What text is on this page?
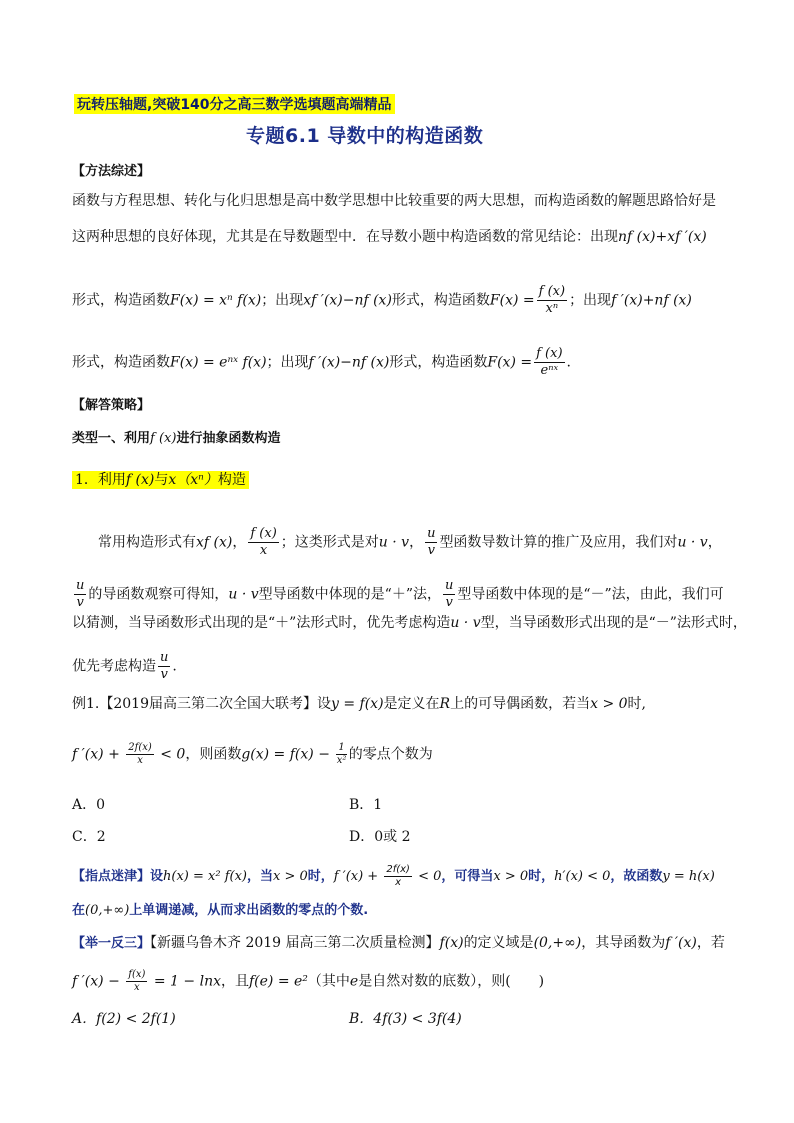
玩转压轴题,突破140分之高三数学选填题高端精品
专题6.1 导数中的构造函数
【方法综述】
函数与方程思想、转化与化归思想是高中数学思想中比较重要的两大思想，而构造函数的解题思路恰好是
这两种思想的良好体现，尤其是在导数题型中．在导数小题中构造函数的常见结论：出现nf (x)+xf ′(x)
形式，构造函数F(x) = xⁿ f(x)；出现xf ′(x)−nf (x)形式，构造函数$F(x) = \frac{f (x)}{\text{xⁿ}}$ ；出现f ′(x)+nf (x)
形式，构造函数F(x) = eⁿˣ f(x)；出现f ′(x)−nf (x)形式，构造函数$F(x) = \frac{f (x)}{\text{eⁿˣ}}$ .
【解答策略】
类型一、利用f (x)进行抽象函数构造
1．利用f (x)与x（xⁿ）构造
常用构造形式有xf (x)， $\frac{f (x)}{x}$ ；这类形式是对u · v， $\frac{u}{v}$ 型函数导数计算的推广及应用，我们对u · v，
$\frac{u}{v}$ 的导函数观察可得知，u · v型导函数中体现的是“＋”法， $\frac{u}{v}$ 型导函数中体现的是“－”法，由此，我们可
以猜测，当导函数形式出现的是“＋”法形式时，优先考虑构造u · v型，当导函数形式出现的是“－”法形式时，
优先考虑构造 $\frac{u}{v}$ .
例1.【2019届高三第二次全国大联考】设y = f(x)是定义在R上的可导偶函数，若当x > 0时,
f $'(x) + \frac{2f(x)}{x} < 0$，则函数$g(x) = f(x) - \frac{1}{\text{x²}}$ 的零点个数为
A．0	B．1
C．2	D．0或 2
【指点迷津】设h(x) = x² f(x)，当x > 0时，f $'(x) + \frac{2f(x)}{x} < 0$，可得当x > 0时，h′(x) < 0，故函数y = h(x)
在(0,+∞)上单调递减，从而求出函数的零点的个数.
【举一反三】【新疆乌鲁木齐 2019 届高三第二次质量检测】f(x)的定义域是(0,+∞)，其导函数为f ′(x)，若
f $'(x) - \frac{f(x)}{x} = 1 - \ln x$，且f(e) = e²（其中e是自然对数的底数），则(　　)
A．f(2) < 2f(1)	B．4f(3) < 3f(4)
